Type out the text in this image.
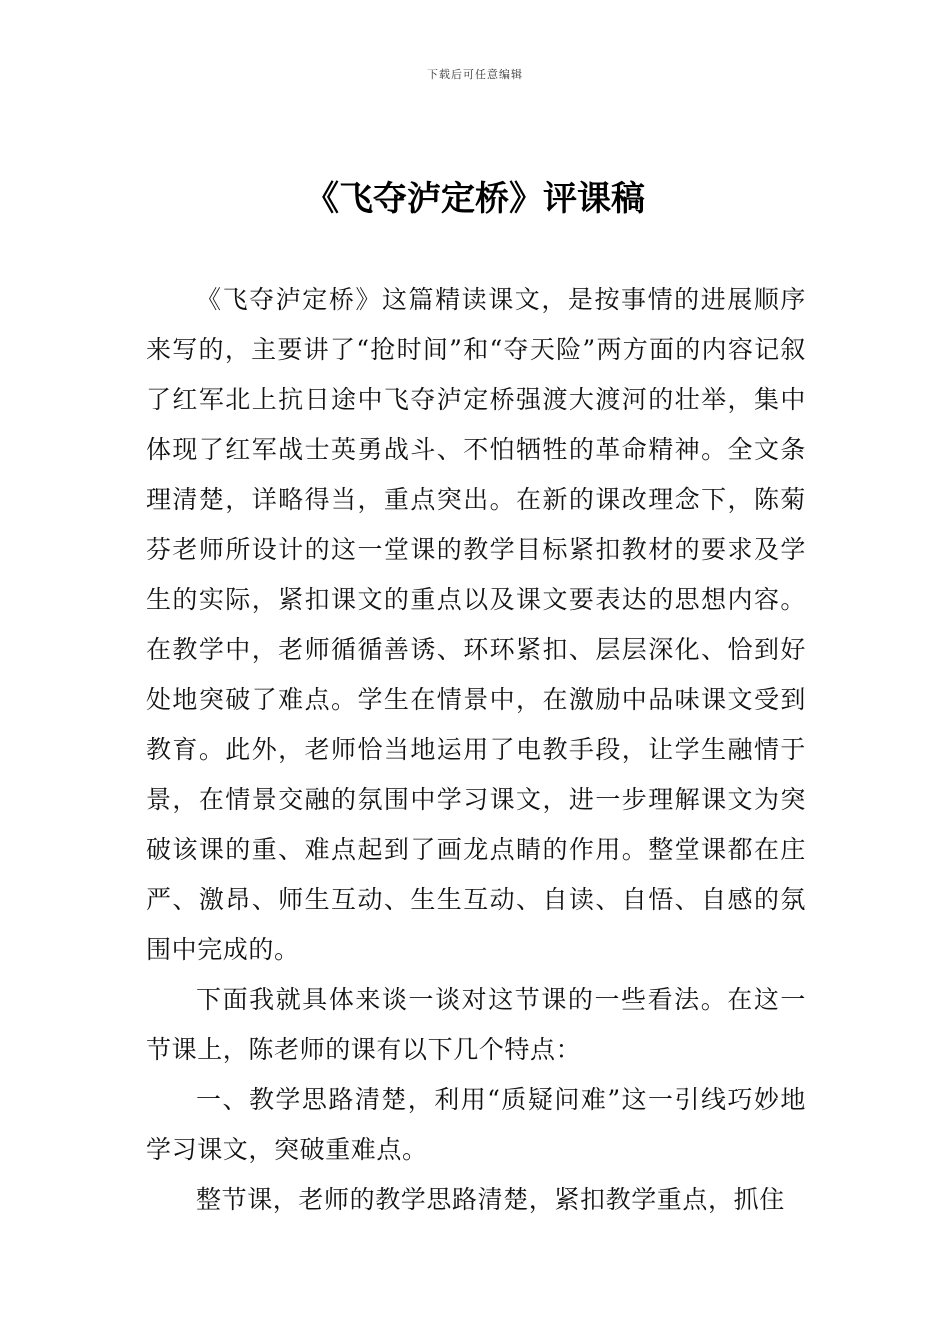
下载后可任意编辑
《飞夺泸定桥》评课稿

《飞夺泸定桥》这篇精读课文，是按事情的进展顺序来写的，主要讲了“抢时间”和“夺天险”两方面的内容记叙了红军北上抗日途中飞夺泸定桥强渡大渡河的壮举，集中体现了红军战士英勇战斗、不怕牺牲的革命精神。全文条理清楚，详略得当，重点突出。在新的课改理念下，陈菊芬老师所设计的这一堂课的教学目标紧扣教材的要求及学生的实际，紧扣课文的重点以及课文要表达的思想内容。在教学中，老师循循善诱、环环紧扣、层层深化、恰到好处地突破了难点。学生在情景中，在激励中品味课文受到教育。此外，老师恰当地运用了电教手段，让学生融情于景，在情景交融的氛围中学习课文，进一步理解课文为突破该课的重、难点起到了画龙点睛的作用。整堂课都在庄严、激昂、师生互动、生生互动、自读、自悟、自感的氛围中完成的。

下面我就具体来谈一谈对这节课的一些看法。在这一节课上，陈老师的课有以下几个特点：

一、教学思路清楚，利用“质疑问难”这一引线巧妙地学习课文，突破重难点。

整节课，老师的教学思路清楚，紧扣教学重点，抓住
